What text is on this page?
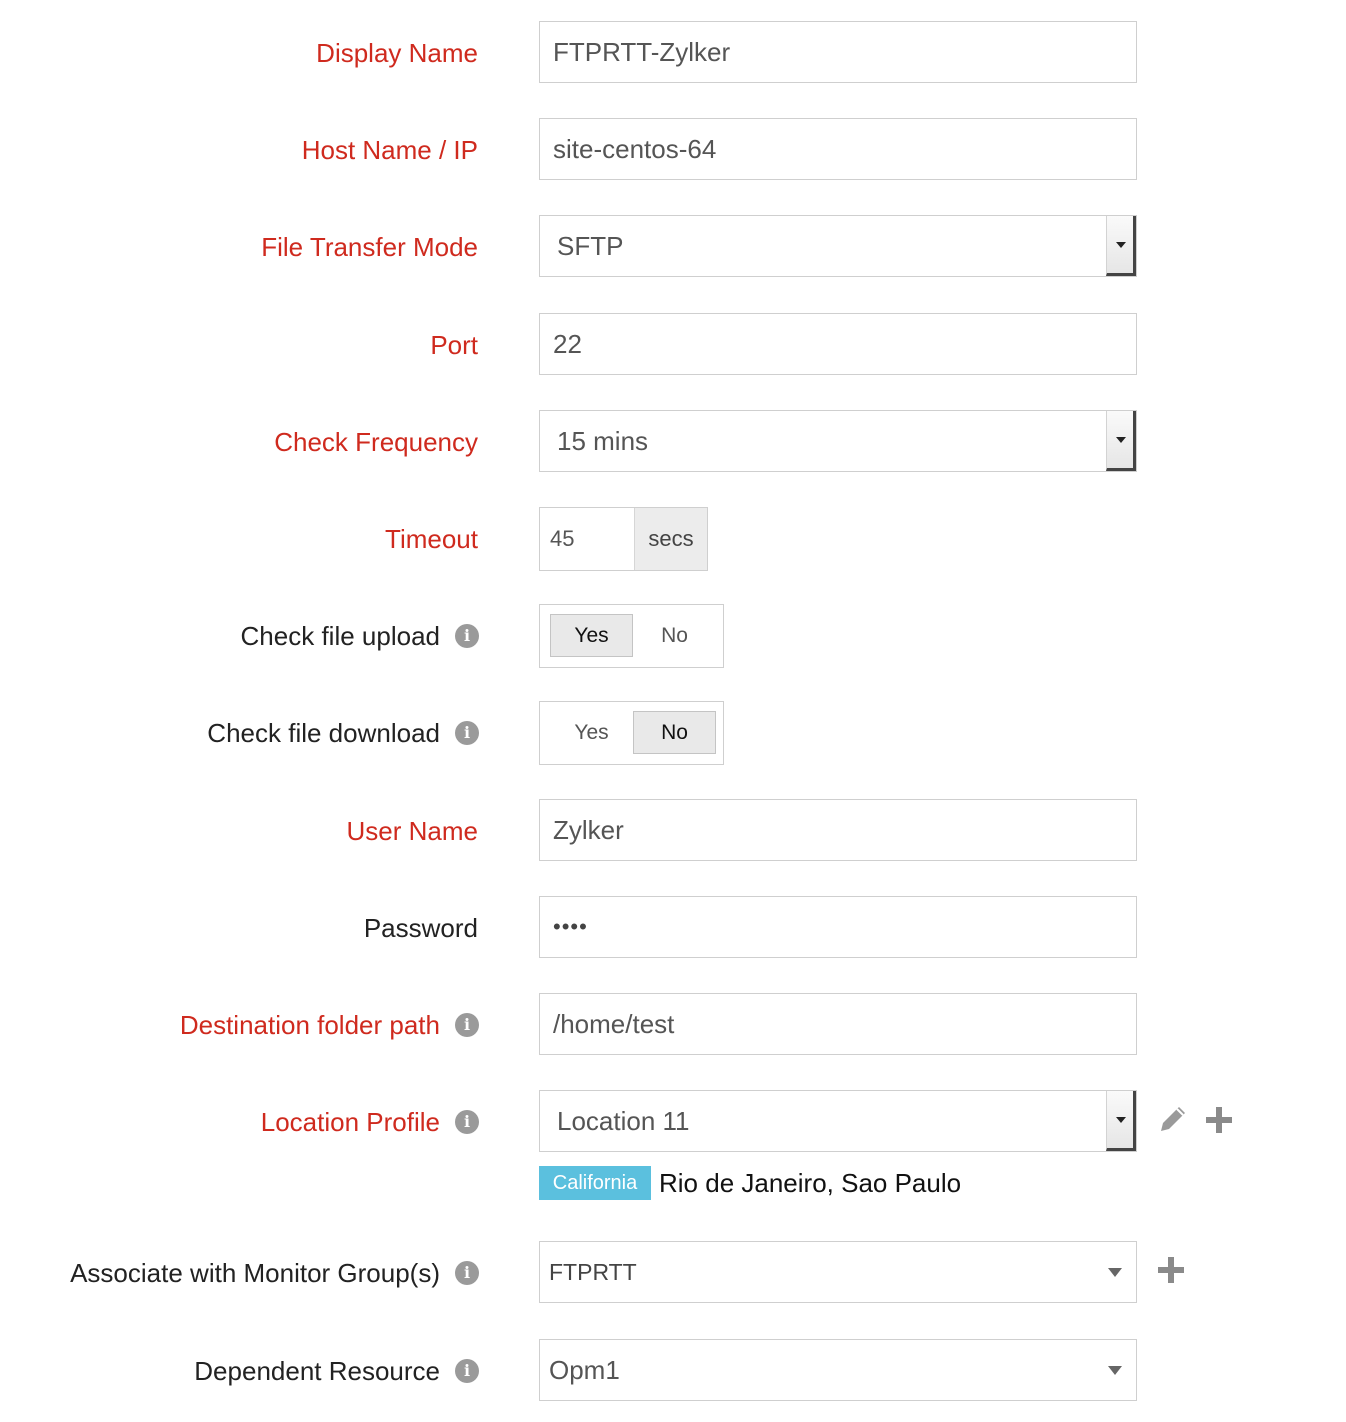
Display Name	FTPRTT-Zylker
Host Name / IP	site-centos-64
File Transfer Mode	SFTP
Port	22
Check Frequency	15 mins
Timeout	45	secs
Check file upload	i	Yes	No
Check file download	i	Yes	No
User Name	Zylker
Password	••••
Destination folder path	i	/home/test
Location Profile	i	Location 11
California Rio de Janeiro, Sao Paulo
Associate with Monitor Group(s)	i	FTPRTT
Dependent Resource	i	Opm1
